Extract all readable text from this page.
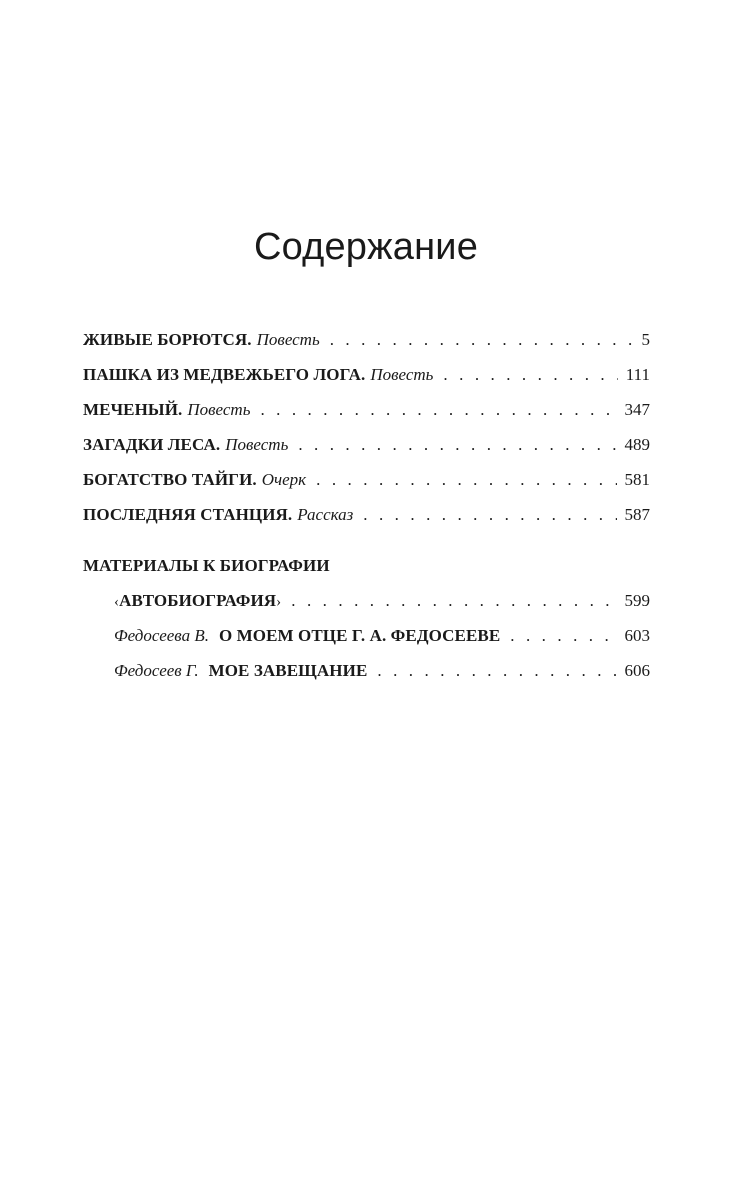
Содержание
ЖИВЫЕ БОРЮТСЯ. Повесть . . .	5
ПАШКА ИЗ МЕДВЕЖЬЕГО ЛОГА. Повесть . . .	111
МЕЧЕНЫЙ. Повесть . . .	347
ЗАГАДКИ ЛЕСА. Повесть . . .	489
БОГАТСТВО ТАЙГИ. Очерк . . .	581
ПОСЛЕДНЯЯ СТАНЦИЯ. Рассказ . . .	587
МАТЕРИАЛЫ К БИОГРАФИИ
‹АВТОБИОГРАФИЯ› . . .	599
Федосеева В. О МОЕМ ОТЦЕ Г. А. ФЕДОСЕЕВЕ . . .	603
Федосеев Г. МОЕ ЗАВЕЩАНИЕ . . .	606
